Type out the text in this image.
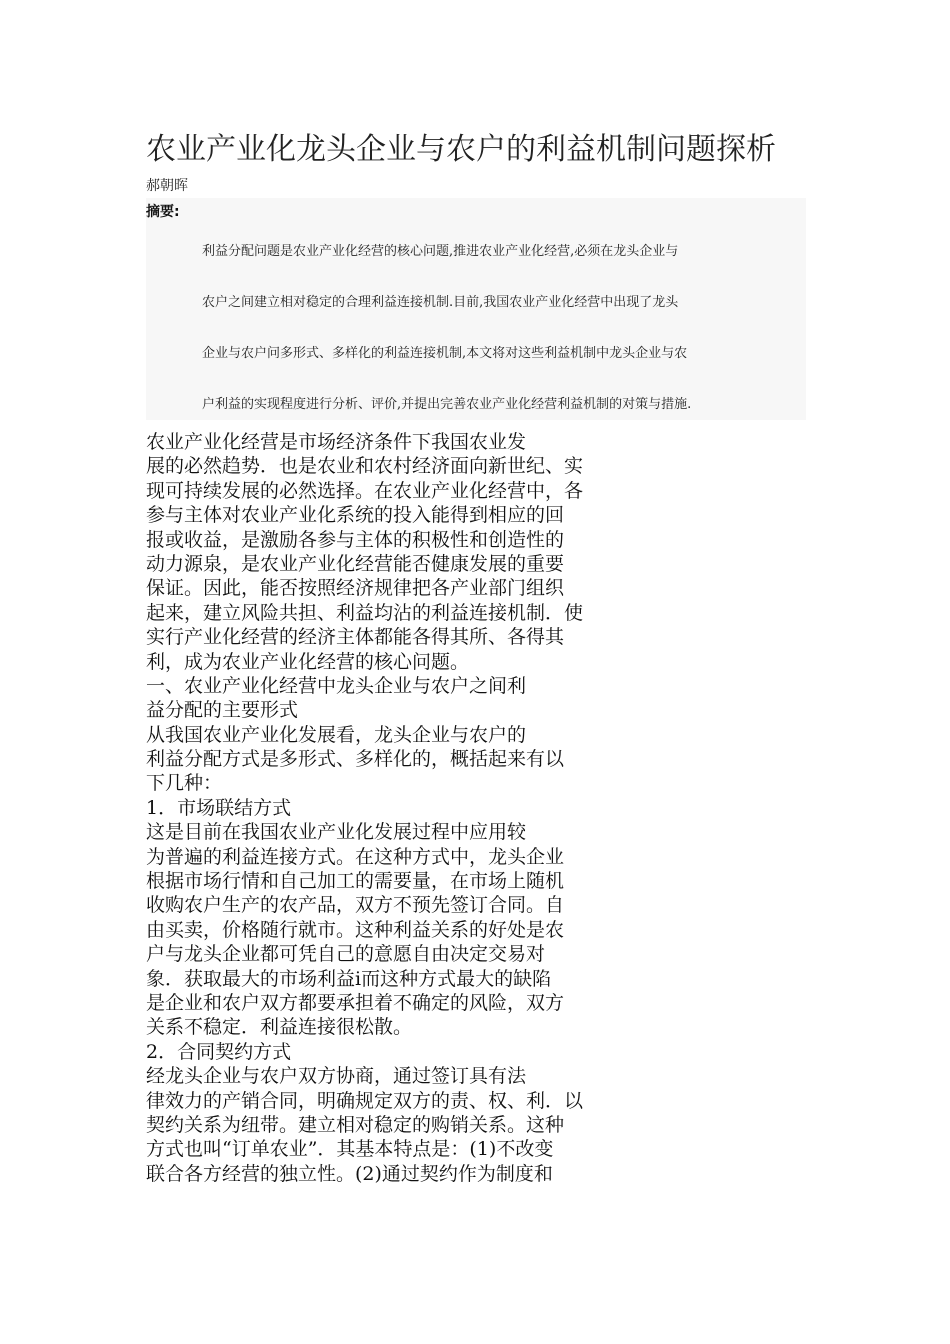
农业产业化龙头企业与农户的利益机制问题探析
郝朝晖
摘要:
利益分配问题是农业产业化经营的核心问题,推进农业产业化经营,必须在龙头企业与
农户之间建立相对稳定的合理利益连接机制.目前,我国农业产业化经营中出现了龙头
企业与农户问多形式、多样化的利益连接机制,本文将对这些利益机制中龙头企业与农
户利益的实现程度进行分析、评价,并提出完善农业产业化经营利益机制的对策与措施.
农业产业化经营是市场经济条件下我国农业发
展的必然趋势．也是农业和农村经济面向新世纪、实
现可持续发展的必然选择。在农业产业化经营中，各
参与主体对农业产业化系统的投入能得到相应的回
报或收益，是激励各参与主体的积极性和创造性的
动力源泉，是农业产业化经营能否健康发展的重要
保证。因此，能否按照经济规律把各产业部门组织
起来，建立风险共担、利益均沾的利益连接机制．使
实行产业化经营的经济主体都能各得其所、各得其
利，成为农业产业化经营的核心问题。
一、农业产业化经营中龙头企业与农户之间利
益分配的主要形式
从我国农业产业化发展看，龙头企业与农户的
利益分配方式是多形式、多样化的，概括起来有以
下几种：
1．市场联结方式
这是目前在我国农业产业化发展过程中应用较
为普遍的利益连接方式。在这种方式中，龙头企业
根据市场行情和自己加工的需要量，在市场上随机
收购农户生产的农产品，双方不预先签订合同。自
由买卖，价格随行就市。这种利益关系的好处是农
户与龙头企业都可凭自己的意愿自由决定交易对
象．获取最大的市场利益i而这种方式最大的缺陷
是企业和农户双方都要承担着不确定的风险，双方
关系不稳定．利益连接很松散。
2．合同契约方式
经龙头企业与农户双方协商，通过签订具有法
律效力的产销合同，明确规定双方的责、权、利．以
契约关系为纽带。建立相对稳定的购销关系。这种
方式也叫“订单农业”．其基本特点是：(1)不改变
联合各方经营的独立性。(2)通过契约作为制度和
